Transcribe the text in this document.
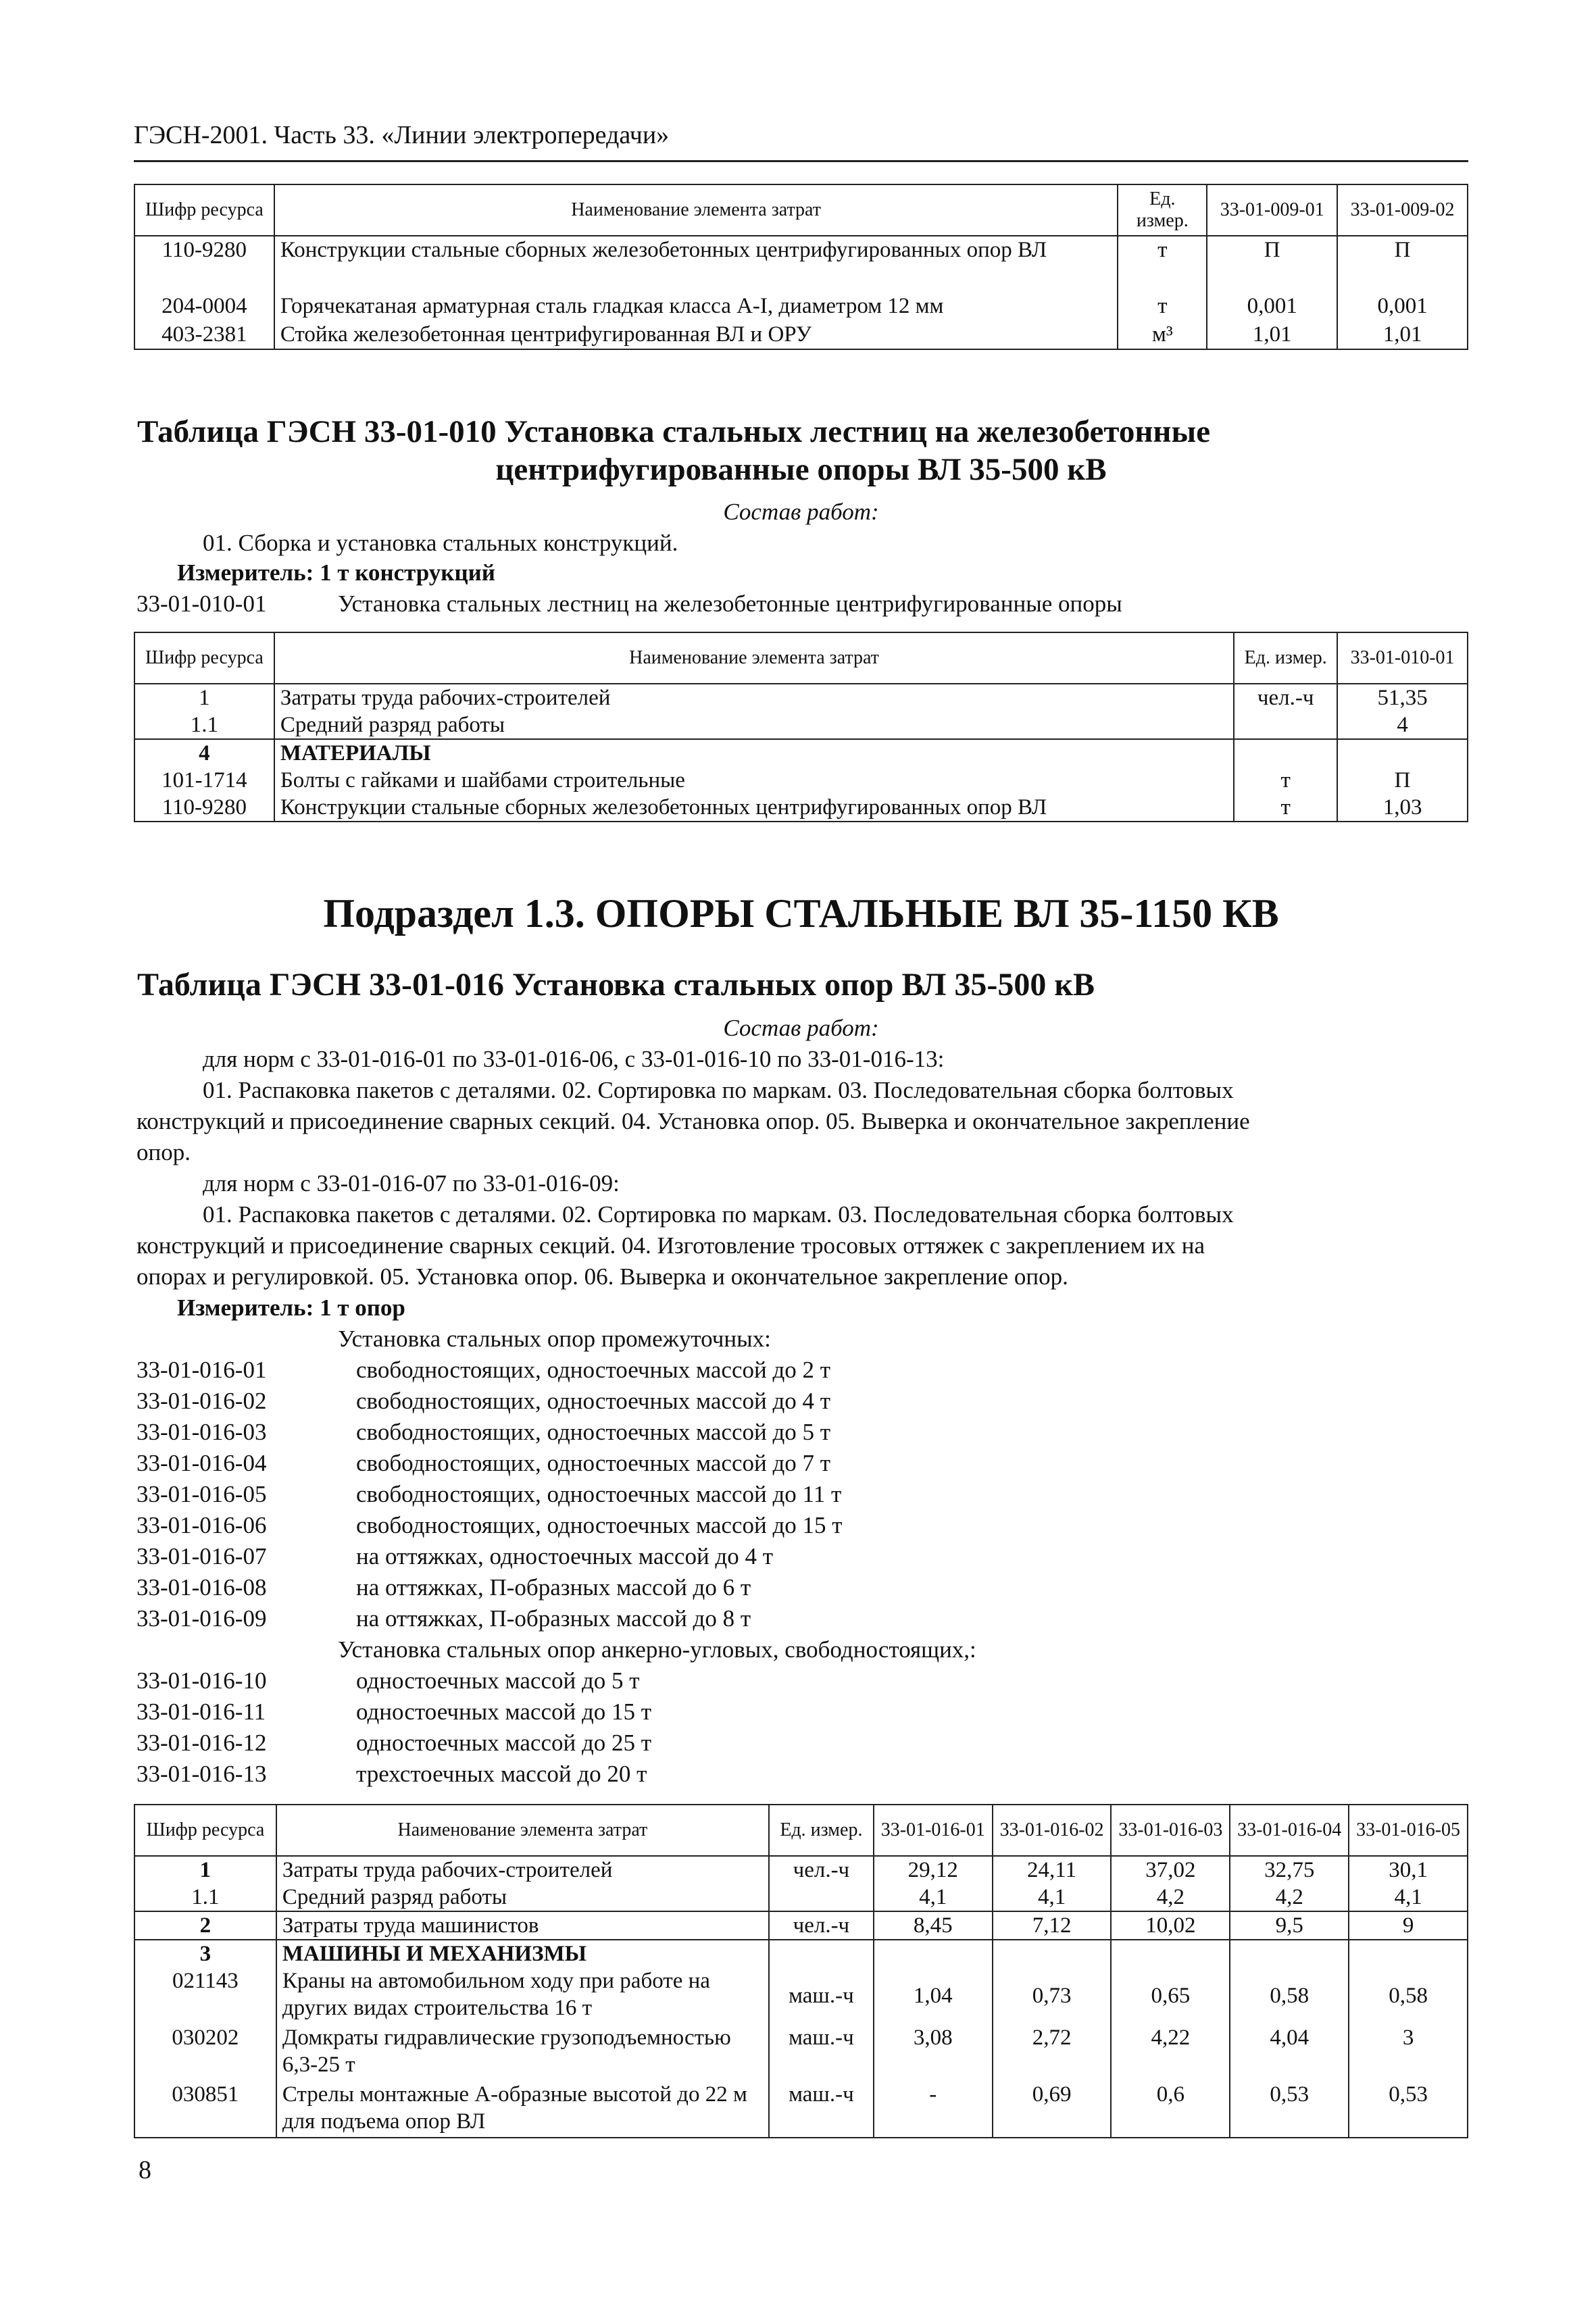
ГЭСН-2001. Часть 33. «Линии электропередачи»
Шифр ресурса	Наименование элемента затрат	Ед. измер.	33-01-009-01	33-01-009-02
110-9280	Конструкции стальные сборных железобетонных центрифугированных опор ВЛ	т	П	П
204-0004	Горячекатаная арматурная сталь гладкая класса А-I, диаметром 12 мм	т	0,001	0,001
403-2381	Стойка железобетонная центрифугированная ВЛ и ОРУ	м³	1,01	1,01
Таблица ГЭСН 33-01-010 Установка стальных лестниц на железобетонные
центрифугированные опоры ВЛ 35-500 кВ
Состав работ:
01. Сборка и установка стальных конструкций.
Измеритель: 1 т конструкций
33-01-010-01	Установка стальных лестниц на железобетонные центрифугированные опоры
Шифр ресурса	Наименование элемента затрат	Ед. измер.	33-01-010-01
1	Затраты труда рабочих-строителей	чел.-ч	51,35
1.1	Средний разряд работы		4
4	МАТЕРИАЛЫ		
101-1714	Болты с гайками и шайбами строительные	т	П
110-9280	Конструкции стальные сборных железобетонных центрифугированных опор ВЛ	т	1,03
Подраздел 1.3. ОПОРЫ СТАЛЬНЫЕ ВЛ 35-1150 КВ
Таблица ГЭСН 33-01-016 Установка стальных опор ВЛ 35-500 кВ
Состав работ:
для норм с 33-01-016-01 по 33-01-016-06, с 33-01-016-10 по 33-01-016-13:
01. Распаковка пакетов с деталями. 02. Сортировка по маркам. 03. Последовательная сборка болтовых
конструкций и присоединение сварных секций. 04. Установка опор. 05. Выверка и окончательное закрепление
опор.
для норм с 33-01-016-07 по 33-01-016-09:
01. Распаковка пакетов с деталями. 02. Сортировка по маркам. 03. Последовательная сборка болтовых
конструкций и присоединение сварных секций. 04. Изготовление тросовых оттяжек с закреплением их на
опорах и регулировкой. 05. Установка опор. 06. Выверка и окончательное закрепление опор.
Измеритель: 1 т опор
Установка стальных опор промежуточных:
33-01-016-01	свободностоящих, одностоечных массой до 2 т
33-01-016-02	свободностоящих, одностоечных массой до 4 т
33-01-016-03	свободностоящих, одностоечных массой до 5 т
33-01-016-04	свободностоящих, одностоечных массой до 7 т
33-01-016-05	свободностоящих, одностоечных массой до 11 т
33-01-016-06	свободностоящих, одностоечных массой до 15 т
33-01-016-07	на оттяжках, одностоечных массой до 4 т
33-01-016-08	на оттяжках, П-образных массой до 6 т
33-01-016-09	на оттяжках, П-образных массой до 8 т
Установка стальных опор анкерно-угловых, свободностоящих,:
33-01-016-10	одностоечных массой до 5 т
33-01-016-11	одностоечных массой до 15 т
33-01-016-12	одностоечных массой до 25 т
33-01-016-13	трехстоечных массой до 20 т
Шифр ресурса	Наименование элемента затрат	Ед. измер.	33-01-016-01	33-01-016-02	33-01-016-03	33-01-016-04	33-01-016-05
1	Затраты труда рабочих-строителей	чел.-ч	29,12	24,11	37,02	32,75	30,1
1.1	Средний разряд работы		4,1	4,1	4,2	4,2	4,1
2	Затраты труда машинистов	чел.-ч	8,45	7,12	10,02	9,5	9
3	МАШИНЫ И МЕХАНИЗМЫ						
021143	Краны на автомобильном ходу при работе на других видах строительства 16 т	маш.-ч	1,04	0,73	0,65	0,58	0,58
030202	Домкраты гидравлические грузоподъемностью 6,3-25 т	маш.-ч	3,08	2,72	4,22	4,04	3
030851	Стрелы монтажные А-образные высотой до 22 м для подъема опор ВЛ	маш.-ч	-	0,69	0,6	0,53	0,53
8
